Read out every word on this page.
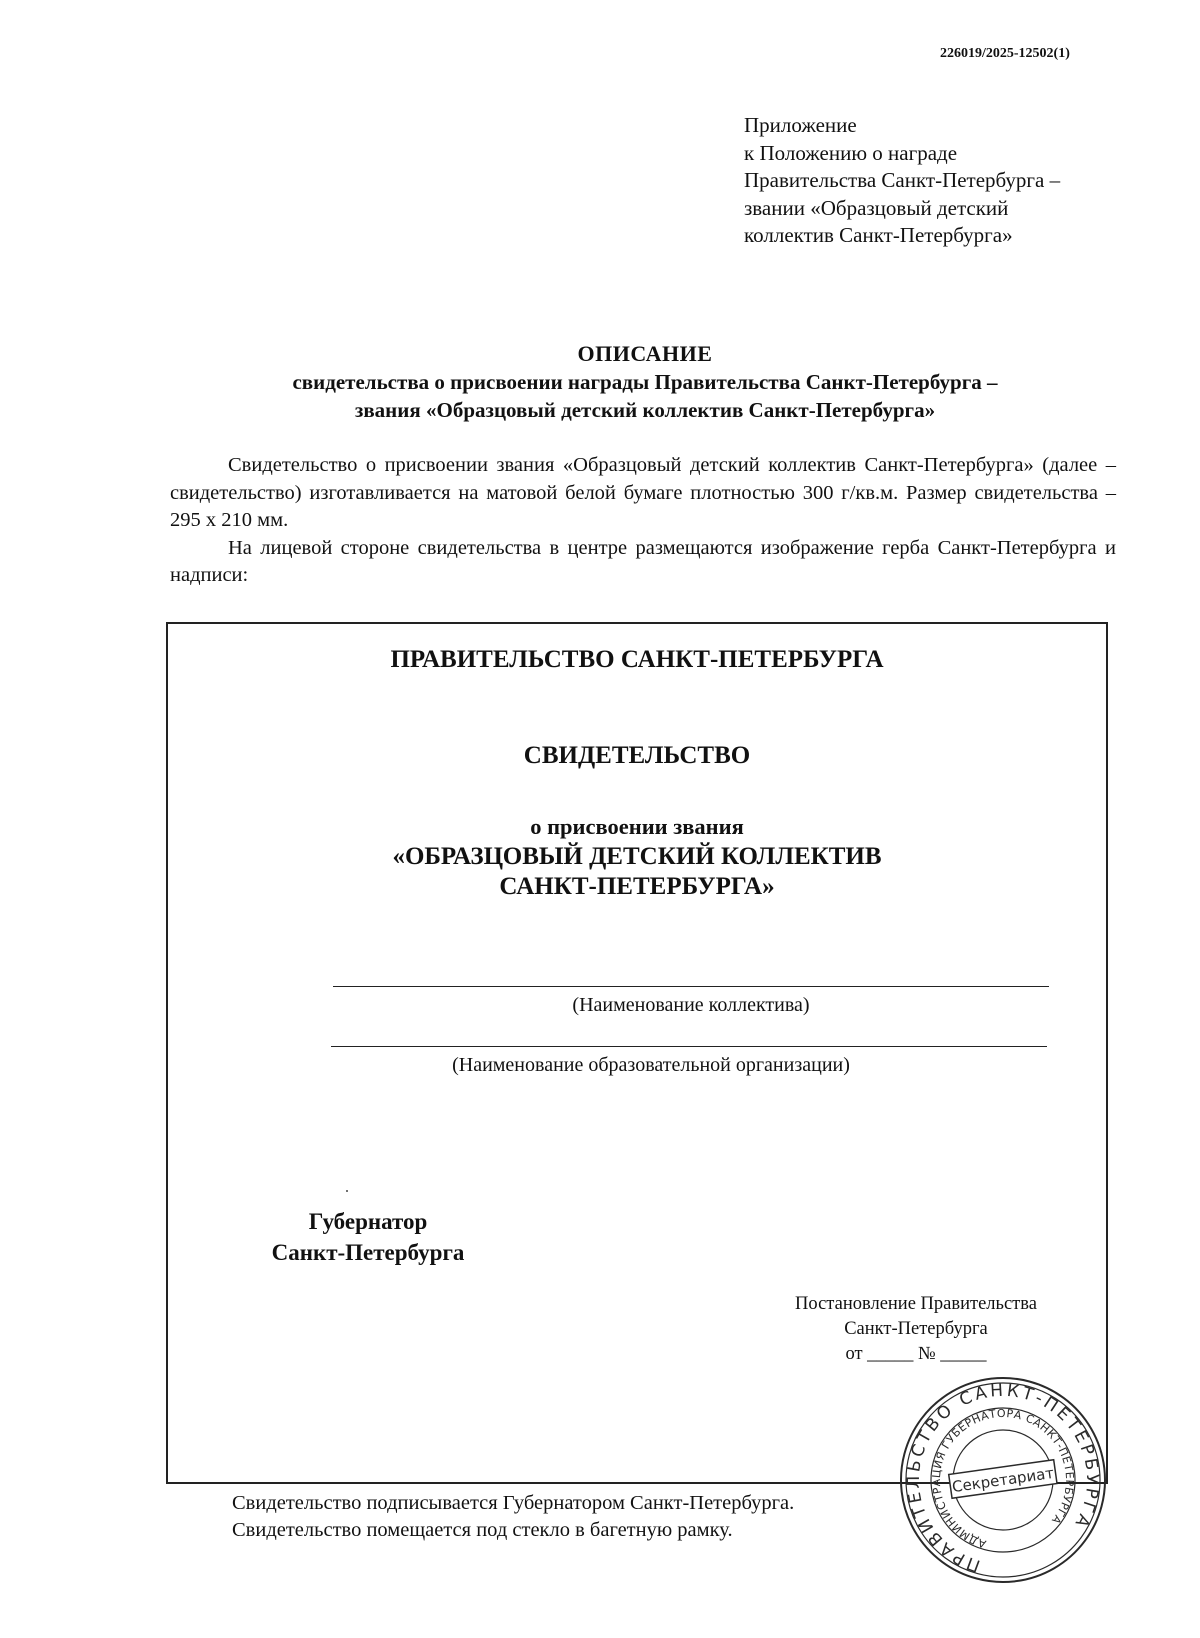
226019/2025-12502(1)
Приложение
к Положению о награде
Правительства Санкт-Петербурга –
звании «Образцовый детский
коллектив Санкт-Петербурга»
ОПИСАНИЕ
свидетельства о присвоении награды Правительства Санкт-Петербурга –
звания «Образцовый детский коллектив Санкт-Петербурга»

Свидетельство о присвоении звания «Образцовый детский коллектив Санкт-Петербурга» (далее – свидетельство) изготавливается на матовой белой бумаге плотностью 300 г/кв.м. Размер свидетельства – 295 х 210 мм.

На лицевой стороне свидетельства в центре размещаются изображение герба Санкт-Петербурга и надписи:

ПРАВИТЕЛЬСТВО САНКТ-ПЕТЕРБУРГА
СВИДЕТЕЛЬСТВО
о присвоении звания
«ОБРАЗЦОВЫЙ ДЕТСКИЙ КОЛЛЕКТИВ
САНКТ-ПЕТЕРБУРГА»
(Наименование коллектива)
(Наименование образовательной организации)
Губернатор
Санкт-Петербурга
Постановление Правительства
Санкт-Петербурга
от _____ № _____
Свидетельство подписывается Губернатором Санкт-Петербурга.
Свидетельство помещается под стекло в багетную рамку.
ПРАВИТЕЛЬСТВО САНКТ-ПЕТЕРБУРГА
АДМИНИСТРАЦИЯ ГУБЕРНАТОРА САНКТ-ПЕТЕРБУРГА
Секретариат
